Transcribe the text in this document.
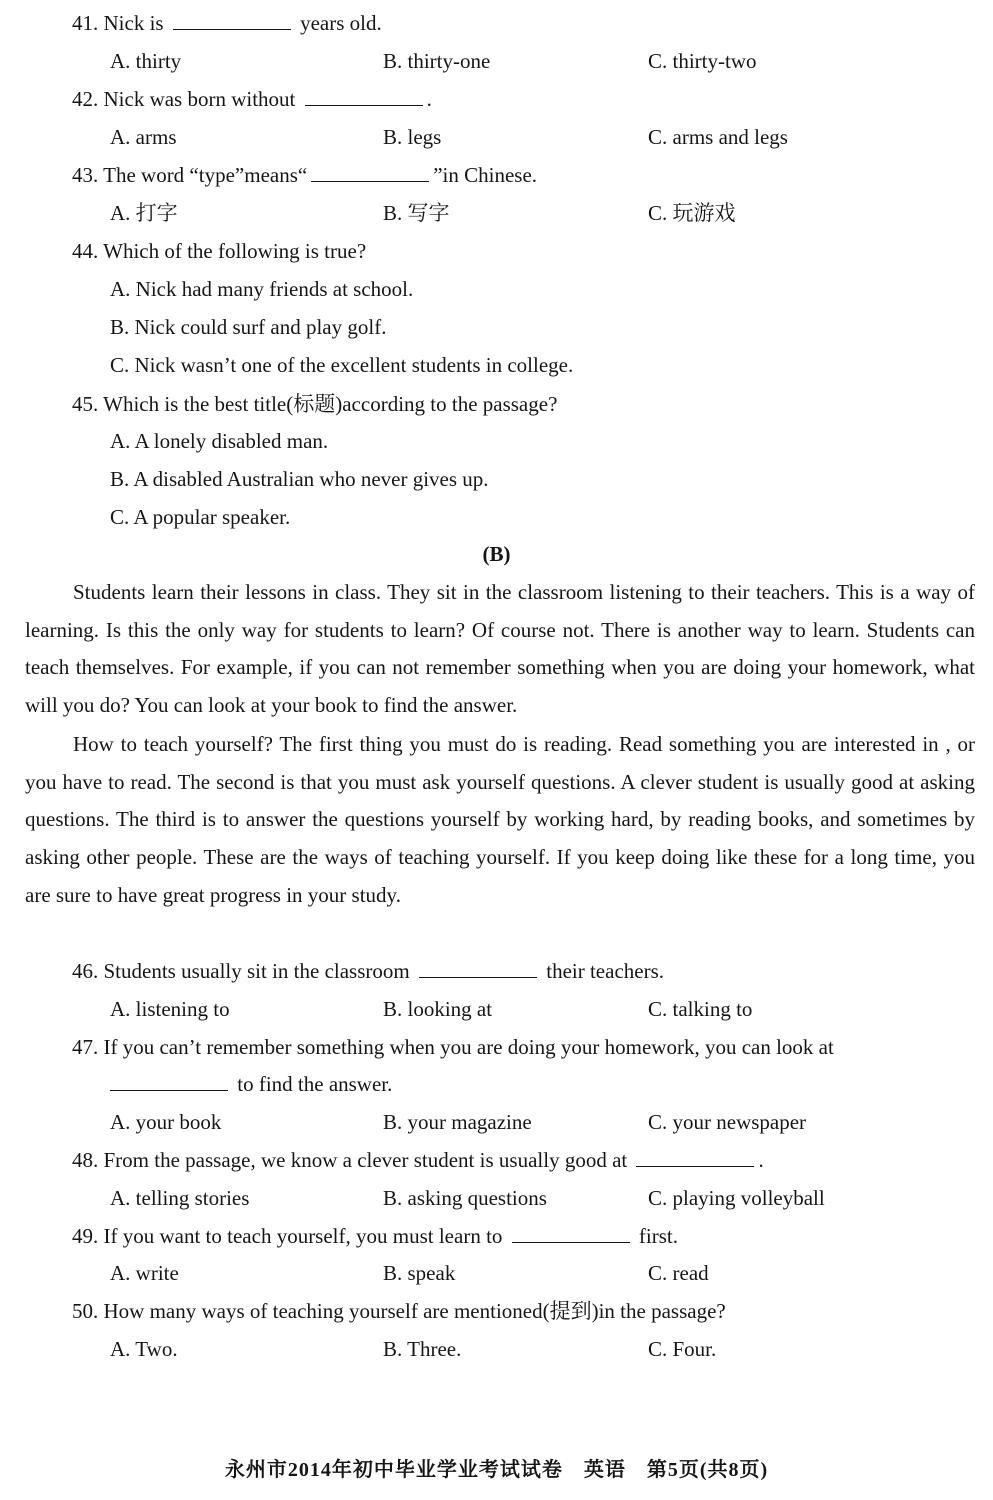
41. Nick is	years old.
A. thirty	B. thirty-one	C. thirty-two
42. Nick was born without	.
A. arms	B. legs	C. arms and legs
43. The word “type”means“	”in Chinese.
A. 打字	B. 写字	C. 玩游戏
44. Which of the following is true?
A. Nick had many friends at school.
B. Nick could surf and play golf.
C. Nick wasn’t one of the excellent students in college.
45. Which is the best title(标题)according to the passage?
A. A lonely disabled man.
B. A disabled Australian who never gives up.
C. A popular speaker.
(B)
Students learn their lessons in class. They sit in the classroom listening to their teachers. This is a way of learning. Is this the only way for students to learn? Of course not. There is another way to learn. Students can teach themselves. For example, if you can not remember something when you are doing your homework, what will you do? You can look at your book to find the answer.
How to teach yourself? The first thing you must do is reading. Read something you are interested in , or you have to read. The second is that you must ask yourself questions. A clever student is usually good at asking questions. The third is to answer the questions yourself by working hard, by reading books, and sometimes by asking other people. These are the ways of teaching yourself. If you keep doing like these for a long time, you are sure to have great progress in your study.
46. Students usually sit in the classroom	their teachers.
A. listening to	B. looking at	C. talking to
47. If you can’t remember something when you are doing your homework, you can look at
to find the answer.
A. your book	B. your magazine	C. your newspaper
48. From the passage, we know a clever student is usually good at	.
A. telling stories	B. asking questions	C. playing volleyball
49. If you want to teach yourself, you must learn to	first.
A. write	B. speak	C. read
50. How many ways of teaching yourself are mentioned(提到)in the passage?
A. Two.	B. Three.	C. Four.
永州市2014年初中毕业学业考试试卷　英语　第5页(共8页)
